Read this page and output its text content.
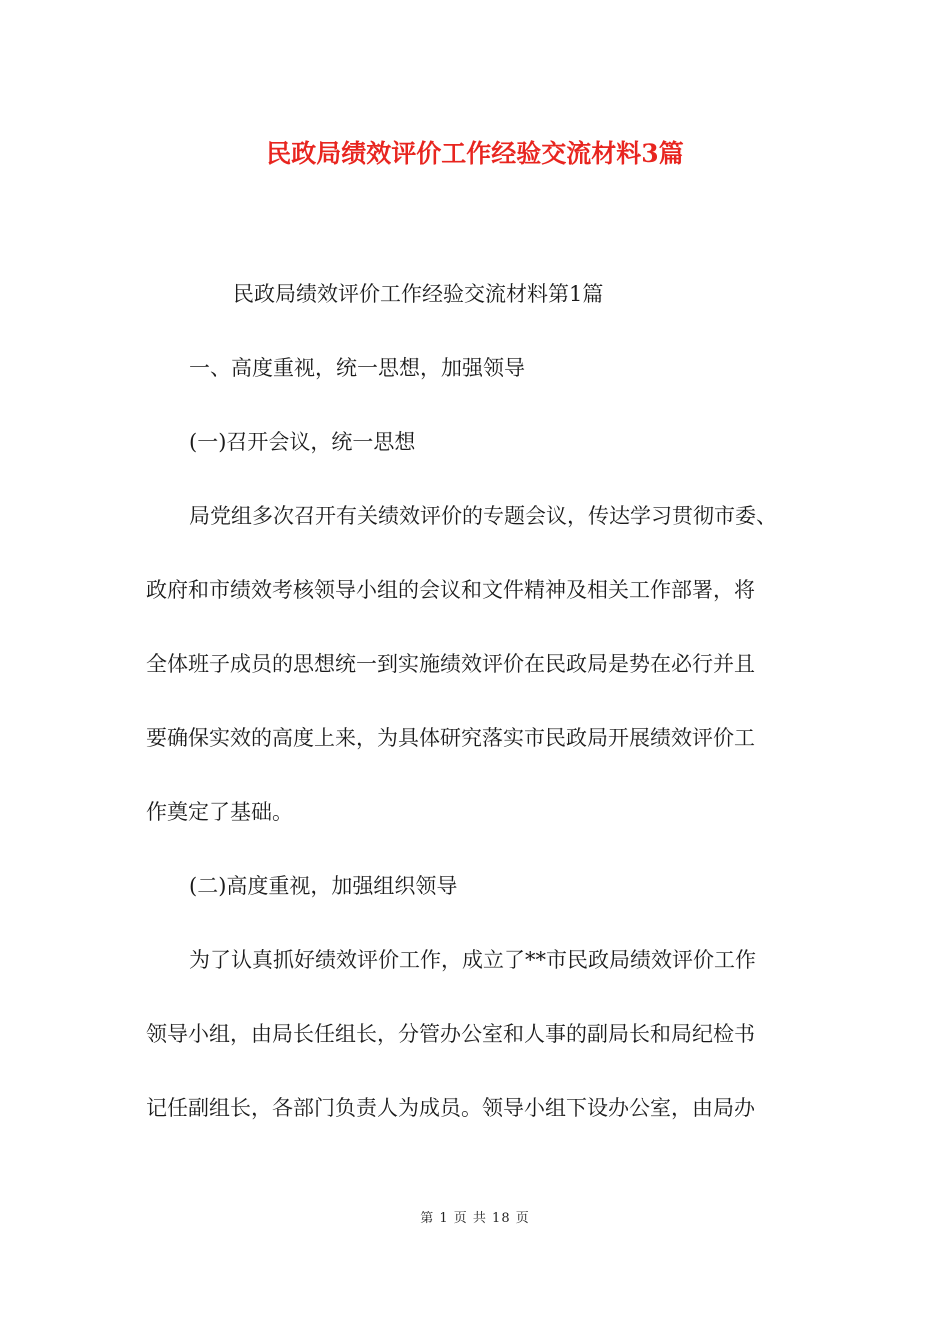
民政局绩效评价工作经验交流材料3篇

民政局绩效评价工作经验交流材料第1篇

一、高度重视，统一思想，加强领导

(一)召开会议，统一思想

局党组多次召开有关绩效评价的专题会议，传达学习贯彻市委、

政府和市绩效考核领导小组的会议和文件精神及相关工作部署，将

全体班子成员的思想统一到实施绩效评价在民政局是势在必行并且

要确保实效的高度上来，为具体研究落实市民政局开展绩效评价工

作奠定了基础。

(二)高度重视，加强组织领导

为了认真抓好绩效评价工作，成立了**市民政局绩效评价工作

领导小组，由局长任组长，分管办公室和人事的副局长和局纪检书

记任副组长，各部门负责人为成员。领导小组下设办公室，由局办

第 1 页 共 18 页
